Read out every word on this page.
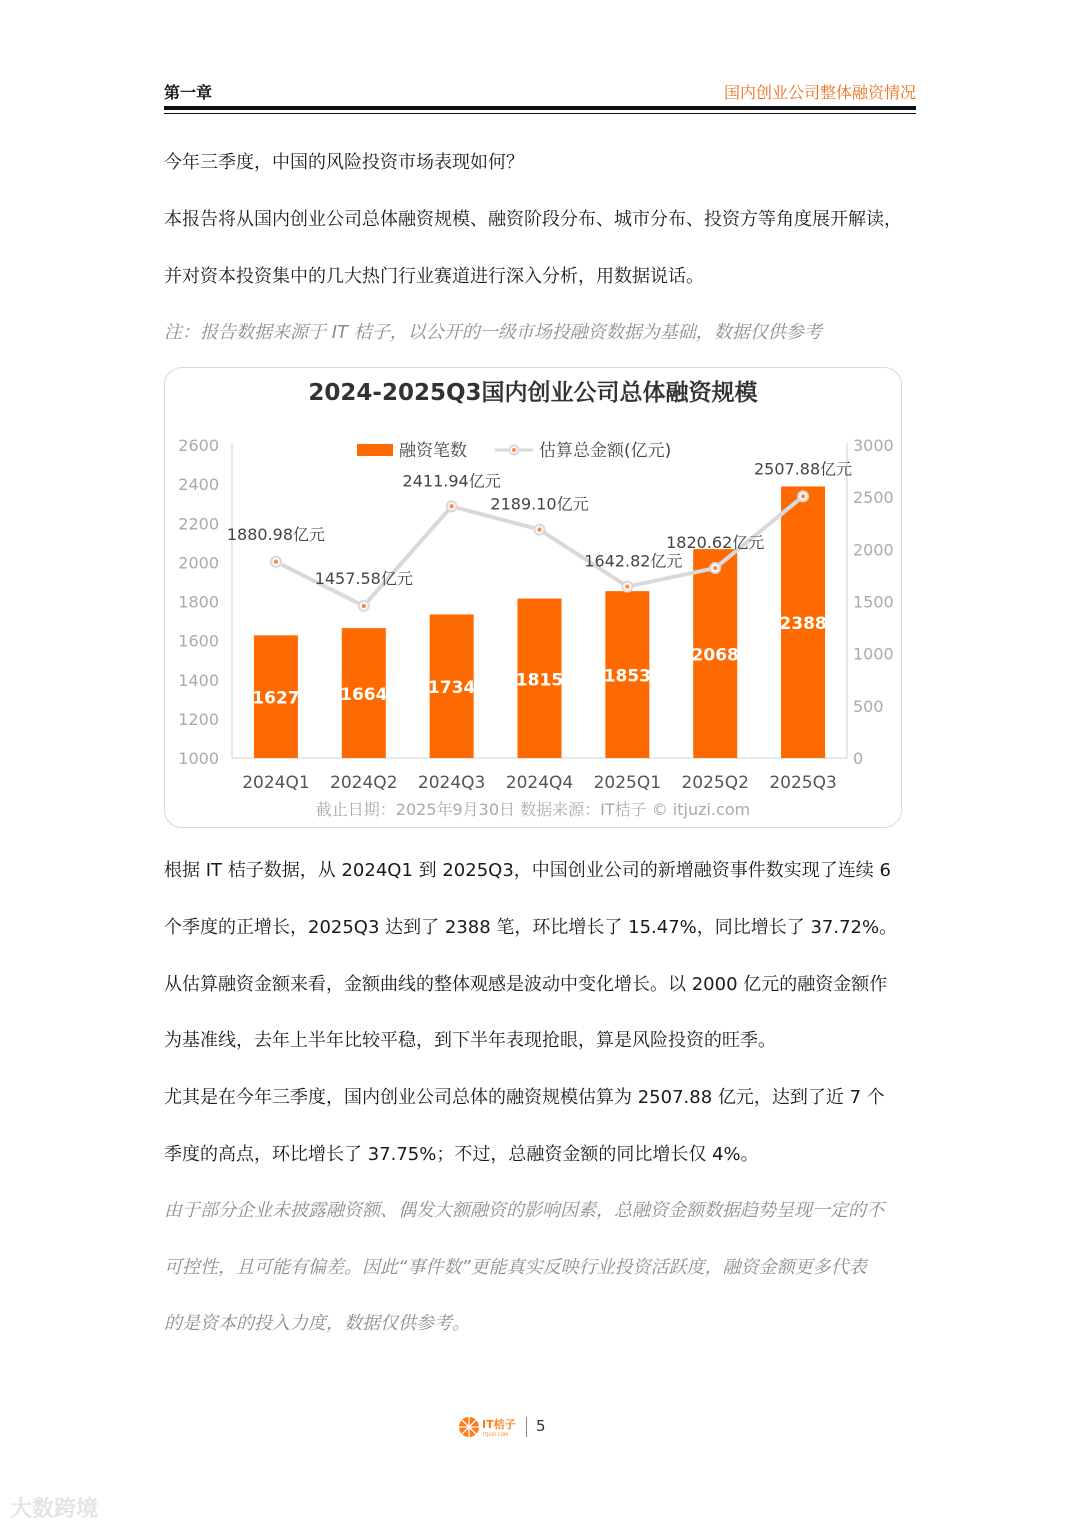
第一章	国内创业公司整体融资情况
今年三季度，中国的风险投资市场表现如何？
本报告将从国内创业公司总体融资规模、融资阶段分布、城市分布、投资方等角度展开解读，
并对资本投资集中的几大热门行业赛道进行深入分析，用数据说话。
注：报告数据来源于 IT 桔子，以公开的一级市场投融资数据为基础，数据仅供参考
2024-2025Q3国内创业公司总体融资规模
1000
1200
1400
1600
1800
2000
2200
2400
2600
0
500
1000
1500
2000
2500
3000
1627 1664 1734 1815 1853
2068
2388
2024Q1 2024Q2 2024Q3 2024Q4 2025Q1 2025Q2 2025Q3
1880.98亿元
1457.58亿元
2411.94亿元
2189.10亿元
1642.82亿元
1820.62亿元
2507.88亿元
融资笔数	估算总金额(亿元)
截止日期：2025年9月30日 数据来源：IT桔子 © itjuzi.com
根据 IT 桔子数据，从 2024Q1 到 2025Q3，中国创业公司的新增融资事件数实现了连续 6
个季度的正增长，2025Q3 达到了 2388 笔，环比增长了 15.47%，同比增长了 37.72%。
从估算融资金额来看，金额曲线的整体观感是波动中变化增长。以 2000 亿元的融资金额作
为基准线，去年上半年比较平稳，到下半年表现抢眼，算是风险投资的旺季。
尤其是在今年三季度，国内创业公司总体的融资规模估算为 2507.88 亿元，达到了近 7 个
季度的高点，环比增长了 37.75%；不过，总融资金额的同比增长仅 4%。
由于部分企业未披露融资额、偶发大额融资的影响因素，总融资金额数据趋势呈现一定的不
可控性，且可能有偏差。因此“事件数”更能真实反映行业投资活跃度，融资金额更多代表
的是资本的投入力度，数据仅供参考。
IT桔子
ITJUZI.COM
5
大数跨境
